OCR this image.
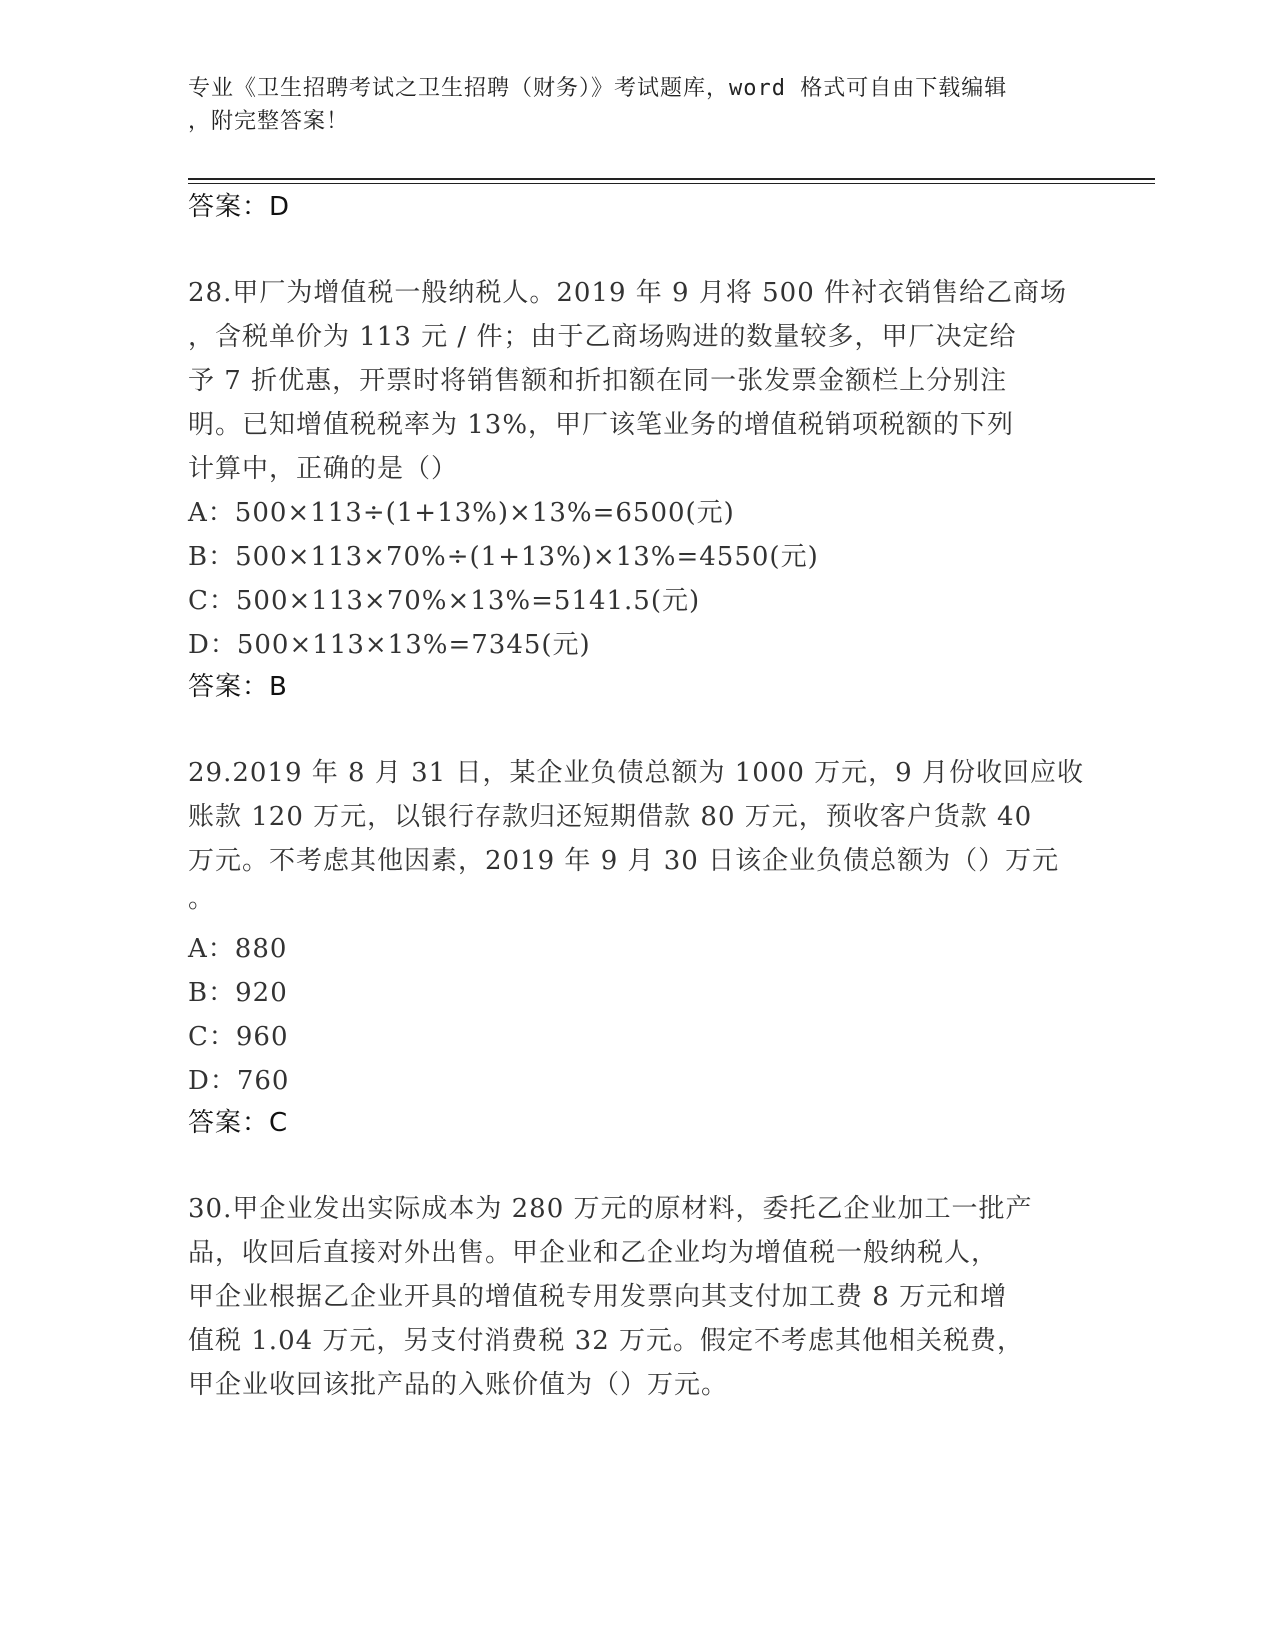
专业《卫生招聘考试之卫生招聘（财务）》考试题库，word 格式可自由下载编辑
，附完整答案！
答案：D
28.甲厂为增值税一般纳税人。2019 年 9 月将 500 件衬衣销售给乙商场
，含税单价为 113 元 / 件；由于乙商场购进的数量较多，甲厂决定给
予 7 折优惠，开票时将销售额和折扣额在同一张发票金额栏上分别注
明。已知增值税税率为 13%，甲厂该笔业务的增值税销项税额的下列
计算中，正确的是（）
A：500×113÷(1+13%)×13%=6500(元)
B：500×113×70%÷(1+13%)×13%=4550(元)
C：500×113×70%×13%=5141.5(元)
D：500×113×13%=7345(元)
答案：B
29.2019 年 8 月 31 日，某企业负债总额为 1000 万元，9 月份收回应收
账款 120 万元，以银行存款归还短期借款 80 万元，预收客户货款 40
万元。不考虑其他因素，2019 年 9 月 30 日该企业负债总额为（）万元
。
A：880
B：920
C：960
D：760
答案：C
30.甲企业发出实际成本为 280 万元的原材料，委托乙企业加工一批产
品，收回后直接对外出售。甲企业和乙企业均为增值税一般纳税人，
甲企业根据乙企业开具的增值税专用发票向其支付加工费 8 万元和增
值税 1.04 万元，另支付消费税 32 万元。假定不考虑其他相关税费，
甲企业收回该批产品的入账价值为（）万元。
